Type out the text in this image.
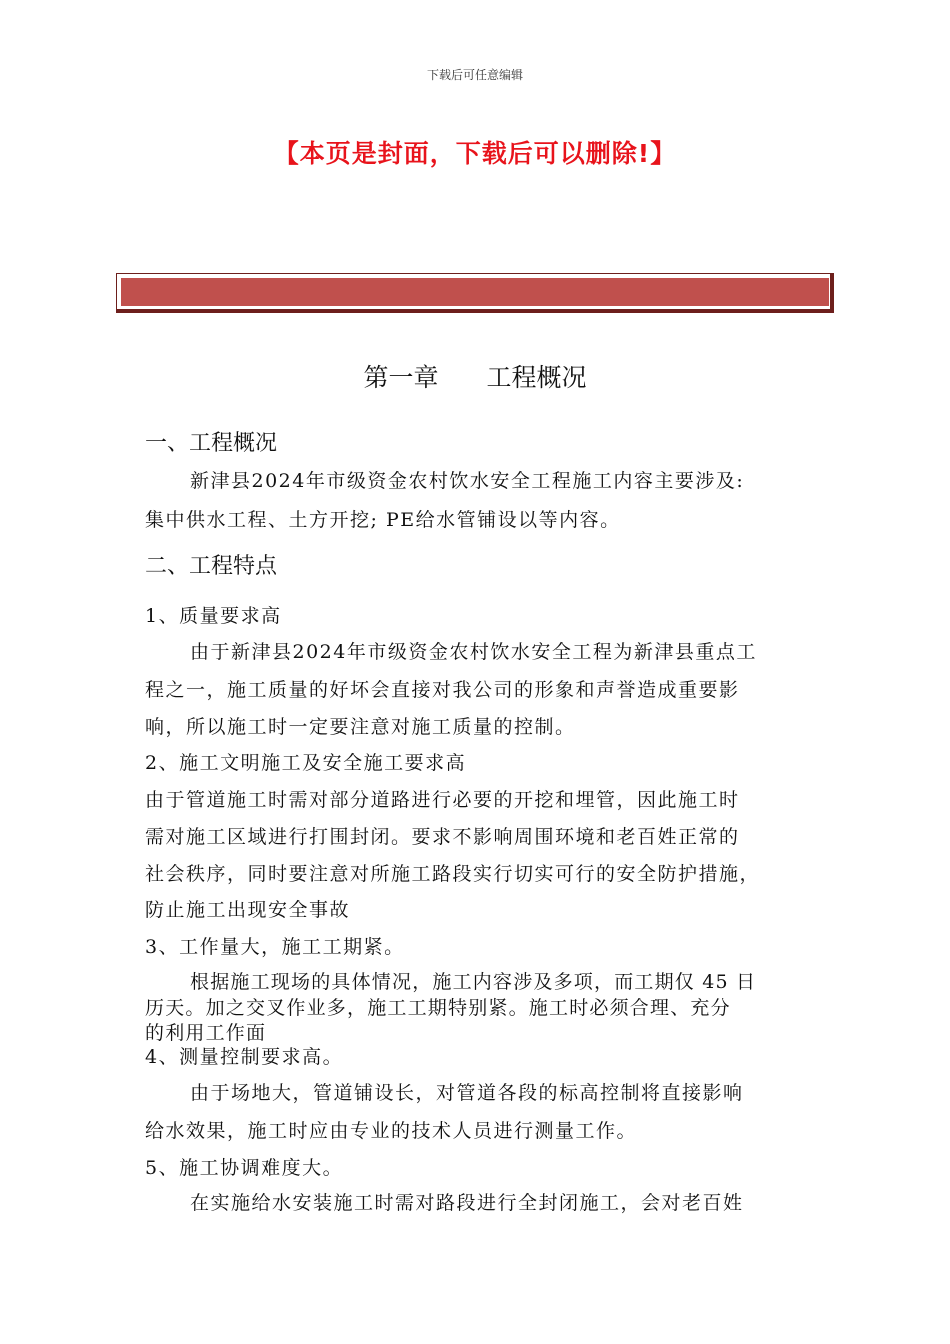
下载后可任意编辑
【本页是封面，下载后可以删除!】
第一章 工程概况
一、工程概况
新津县2024年市级资金农村饮水安全工程施工内容主要涉及:
集中供水工程、土方开挖; PE给水管铺设以等内容。
二、工程特点
1、质量要求高
由于新津县2024年市级资金农村饮水安全工程为新津县重点工
程之一，施工质量的好坏会直接对我公司的形象和声誉造成重要影
响，所以施工时一定要注意对施工质量的控制。
2、施工文明施工及安全施工要求高
由于管道施工时需对部分道路进行必要的开挖和埋管，因此施工时
需对施工区域进行打围封闭。要求不影响周围环境和老百姓正常的
社会秩序，同时要注意对所施工路段实行切实可行的安全防护措施，
防止施工出现安全事故
3、工作量大，施工工期紧。
根据施工现场的具体情况，施工内容涉及多项，而工期仅 45 日
历天。加之交叉作业多，施工工期特别紧。施工时必须合理、充分
的利用工作面
4、测量控制要求高。
由于场地大，管道铺设长，对管道各段的标高控制将直接影响
给水效果，施工时应由专业的技术人员进行测量工作。
5、施工协调难度大。
在实施给水安装施工时需对路段进行全封闭施工，会对老百姓
